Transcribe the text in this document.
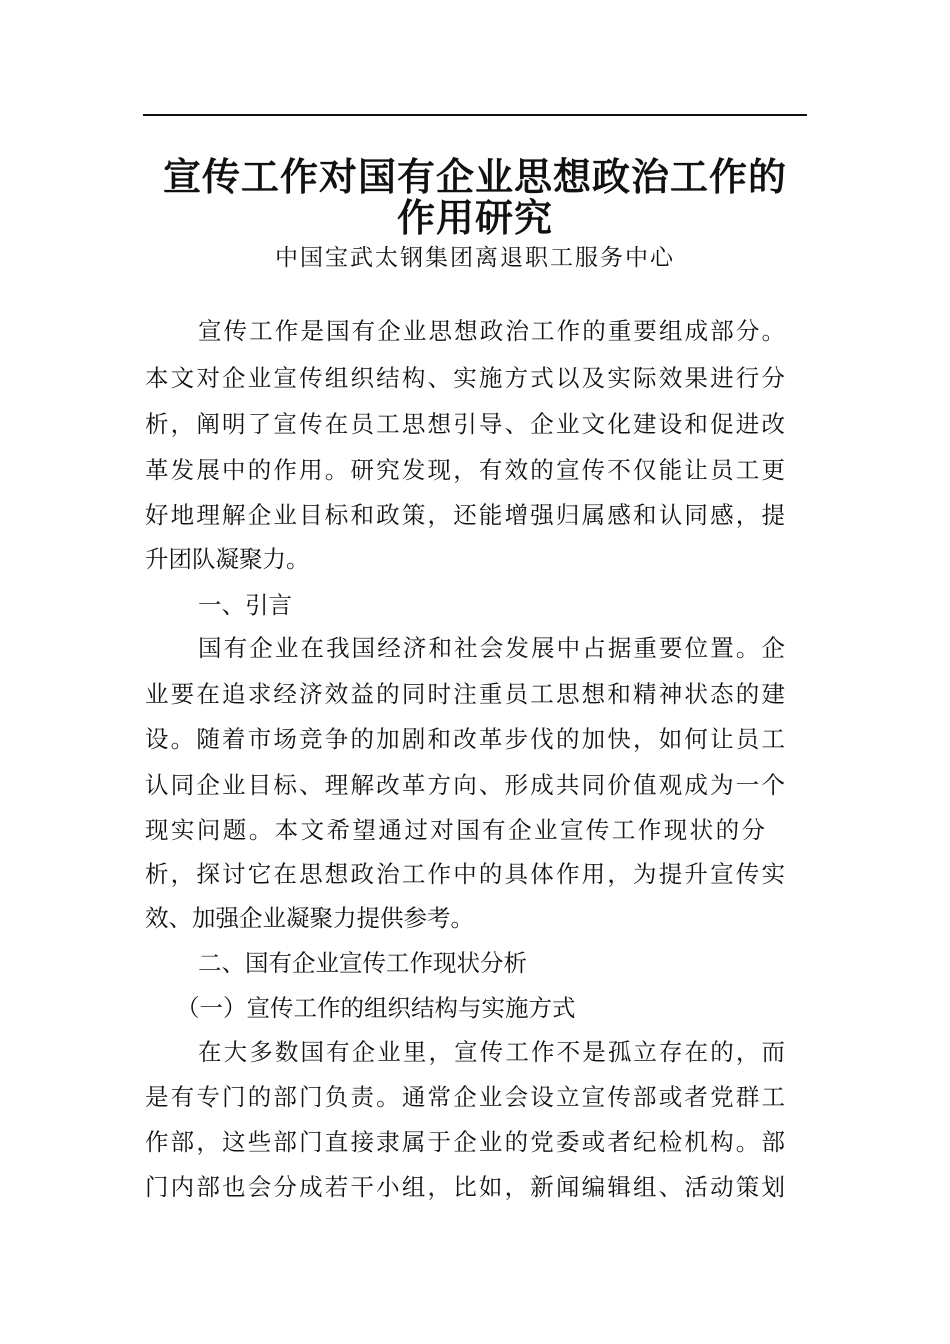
宣传工作对国有企业思想政治工作的
作用研究
中国宝武太钢集团离退职工服务中心
宣传工作是国有企业思想政治工作的重要组成部分。
本文对企业宣传组织结构、实施方式以及实际效果进行分
析，阐明了宣传在员工思想引导、企业文化建设和促进改
革发展中的作用。研究发现，有效的宣传不仅能让员工更
好地理解企业目标和政策，还能增强归属感和认同感，提
升团队凝聚力。
一、引言
国有企业在我国经济和社会发展中占据重要位置。企
业要在追求经济效益的同时注重员工思想和精神状态的建
设。随着市场竞争的加剧和改革步伐的加快，如何让员工
认同企业目标、理解改革方向、形成共同价值观成为一个
现实问题。本文希望通过对国有企业宣传工作现状的分
析，探讨它在思想政治工作中的具体作用，为提升宣传实
效、加强企业凝聚力提供参考。
二、国有企业宣传工作现状分析
（一）宣传工作的组织结构与实施方式
在大多数国有企业里，宣传工作不是孤立存在的，而
是有专门的部门负责。通常企业会设立宣传部或者党群工
作部，这些部门直接隶属于企业的党委或者纪检机构。部
门内部也会分成若干小组，比如，新闻编辑组、活动策划
